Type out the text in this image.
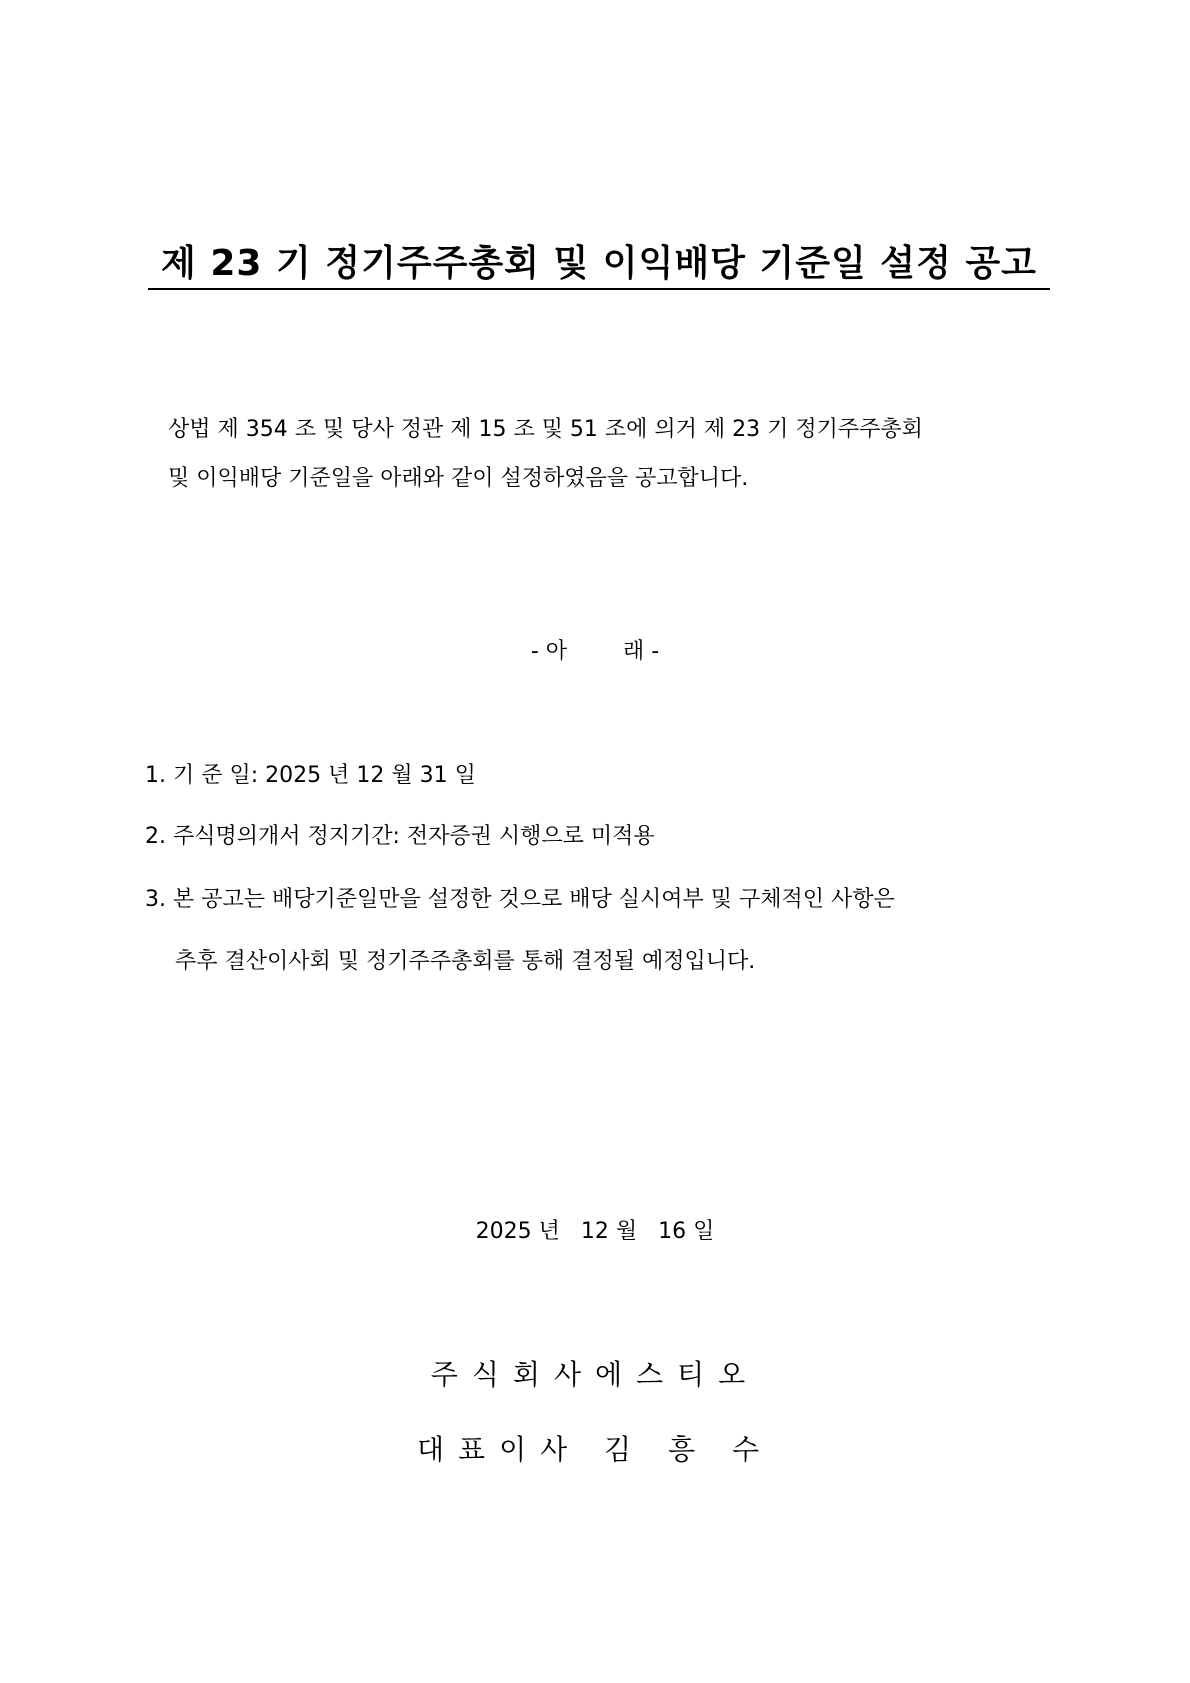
제 23 기 정기주주총회 및 이익배당 기준일 설정 공고

상법 제 354 조 및 당사 정관 제 15 조 및 51 조에 의거 제 23 기 정기주주총회

및 이익배당 기준일을 아래와 같이 설정하였음을 공고합니다.

- 아        래 -

1. 기 준 일: 2025 년 12 월 31 일

2. 주식명의개서 정지기간: 전자증권 시행으로 미적용

3. 본 공고는 배당기준일만을 설정한 것으로 배당 실시여부 및 구체적인 사항은

추후 결산이사회 및 정기주주총회를 통해 결정될 예정입니다.

2025 년   12 월   16 일

주식회사에스티오

대표이사 김 흥 수
